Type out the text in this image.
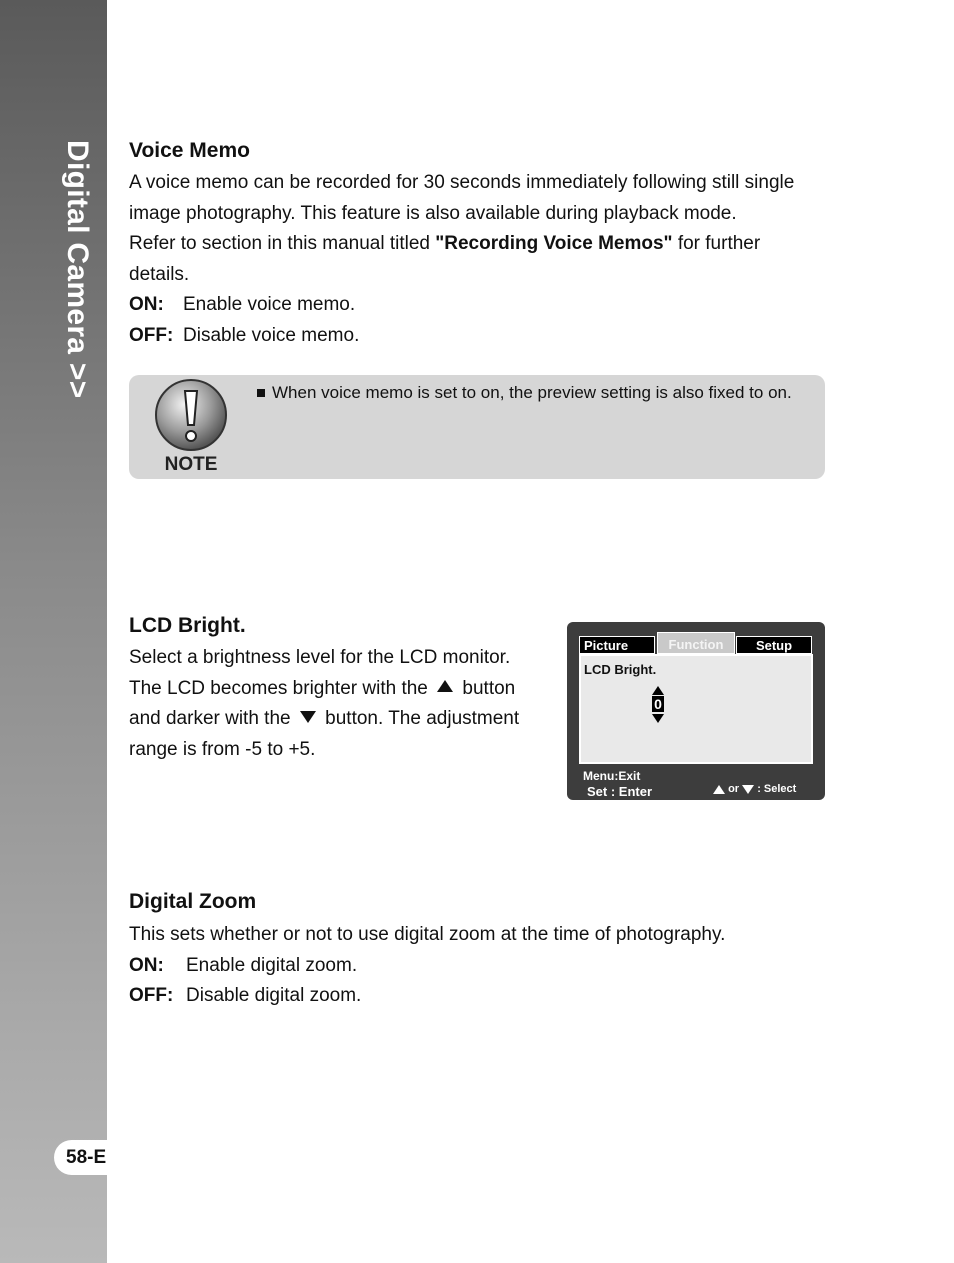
Digital Camera >>
58-E
Voice Memo
A voice memo can be recorded for 30 seconds immediately following still single
image photography. This feature is also available during playback mode.
Refer to section in this manual titled "Recording Voice Memos" for further
details.
ON: Enable voice memo.
OFF: Disable voice memo.
NOTE
When voice memo is set to on, the preview setting is also fixed to on.
LCD Bright.
Select a brightness level for the LCD monitor.
The LCD becomes brighter with the  button
and darker with the  button. The adjustment
range is from -5 to +5.
Picture	Function	Setup
LCD Bright.
0
Menu:Exit
Set : Enter	or : Select
Digital Zoom
This sets whether or not to use digital zoom at the time of photography.
ON: Enable digital zoom.
OFF: Disable digital zoom.
